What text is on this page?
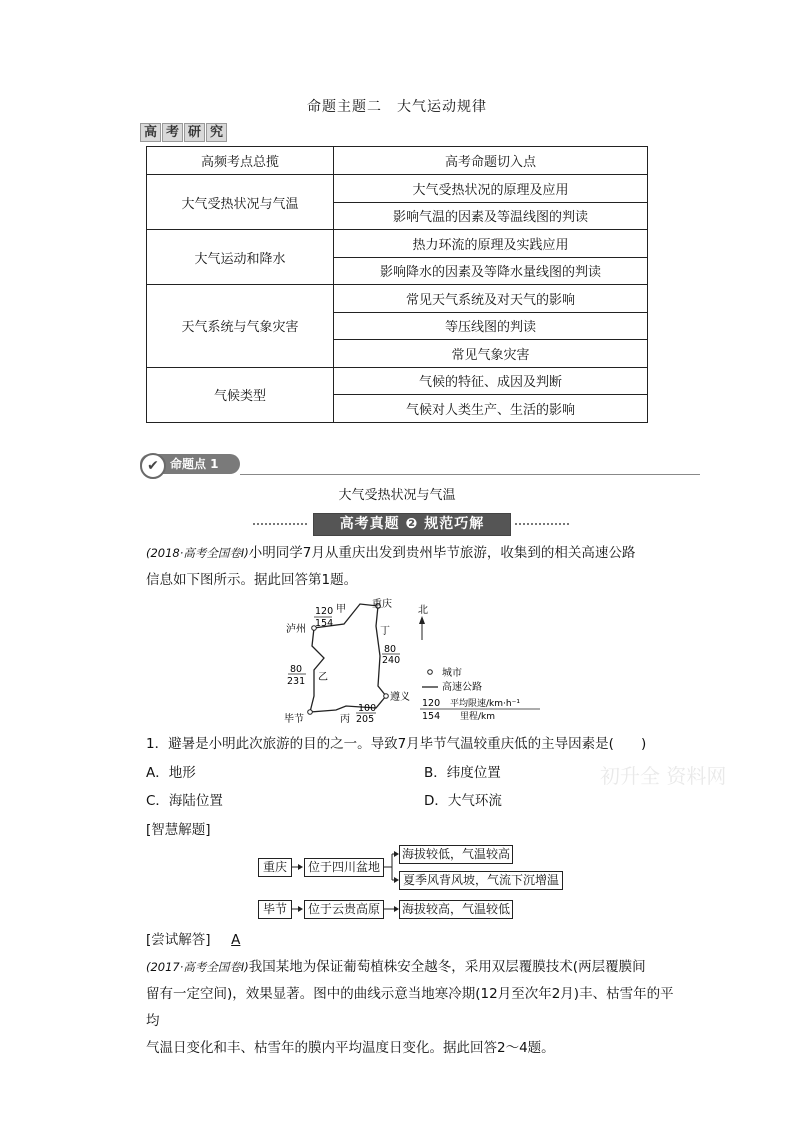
命题主题二　大气运动规律
高 考 研 究
高频考点总揽	高考命题切入点
大气受热状况与气温	大气受热状况的原理及应用
	影响气温的因素及等温线图的判读
大气运动和降水	热力环流的原理及实践应用
	影响降水的因素及等降水量线图的判读
天气系统与气象灾害	常见天气系统及对天气的影响
	等压线图的判读
	常见气象灾害
气候类型	气候的特征、成因及判断
	气候对人类生产、生活的影响
✔ 命题点 1
大气受热状况与气温
高考真题 ❷ 规范巧解
(2018·高考全国卷Ⅰ)小明同学7月从重庆出发到贵州毕节旅游，收集到的相关高速公路
信息如下图所示。据此回答第1题。
重庆
泸州
毕节
遵义
甲
乙
丙
丁
120
154
80
240
80
231
100
205
北
城市
高速公路
120
154
平均限速/km·h⁻¹
里程/km
1．避暑是小明此次旅游的目的之一。导致7月毕节气温较重庆低的主导因素是(　　)
A．地形	B．纬度位置
C．海陆位置	D．大气环流
[智慧解题]
重庆	位于四川盆地
海拔较低，气温较高
夏季风背风坡，气流下沉增温
毕节	位于云贵高原	海拔较高，气温较低
[尝试解答] A
(2017·高考全国卷Ⅰ)我国某地为保证葡萄植株安全越冬，采用双层覆膜技术(两层覆膜间
留有一定空间)，效果显著。图中的曲线示意当地寒冷期(12月至次年2月)丰、枯雪年的平均
气温日变化和丰、枯雪年的膜内平均温度日变化。据此回答2～4题。
初升全 资料网
